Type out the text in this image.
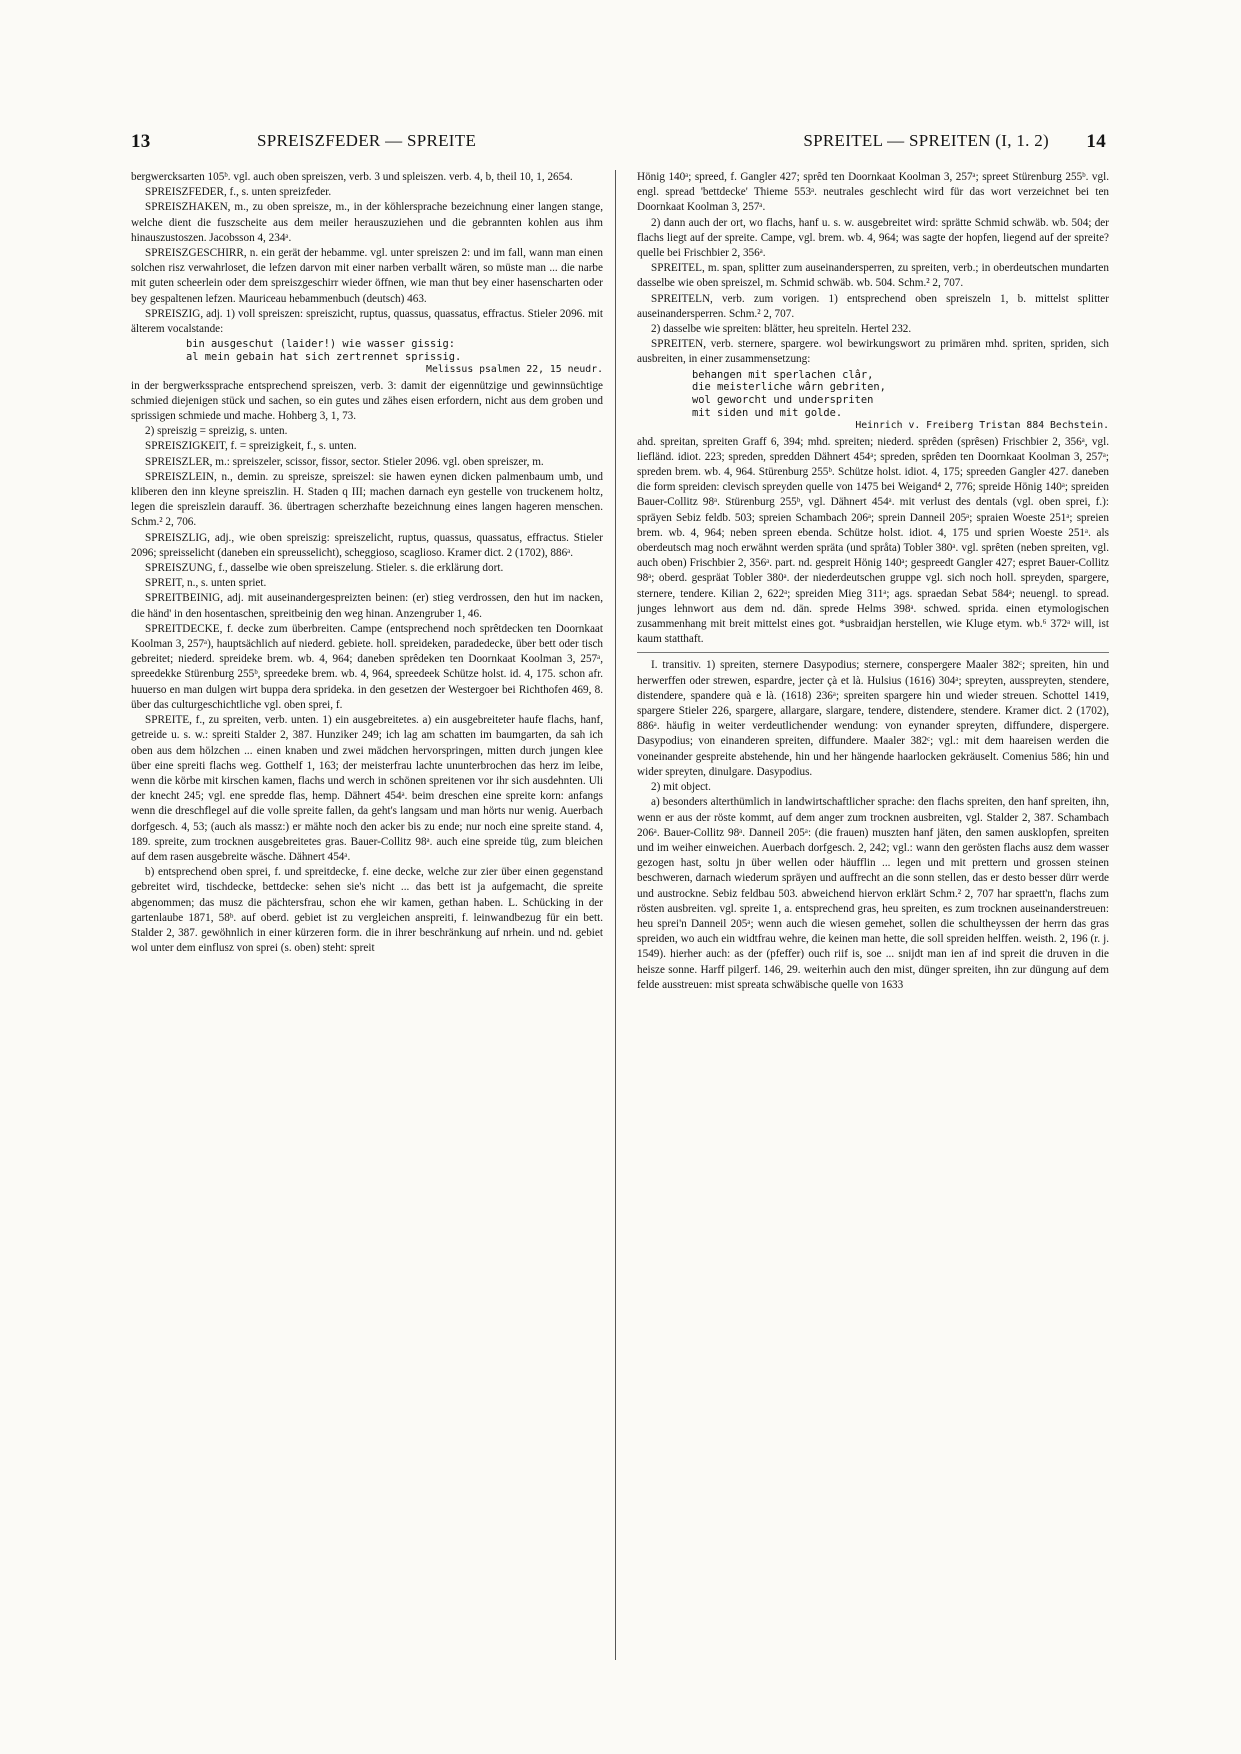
13	SPREISZFEDER — SPREITE	SPREITEL — SPREITEN (I, 1. 2) 14

bergwercksarten 105ᵇ. vgl. auch oben spreiszen, verb. 3 und spleiszen. verb. 4, b, theil 10, 1, 2654.

SPREISZFEDER, f., s. unten spreizfeder.

SPREISZHAKEN, m., zu oben spreisze, m., in der köhlersprache bezeichnung einer langen stange, welche dient die fuszscheite aus dem meiler herauszuziehen und die gebrannten kohlen aus ihm hinauszustoszen. Jacobsson 4, 234ᵃ.

SPREISZGESCHIRR, n. ein gerät der hebamme. vgl. unter spreiszen 2: und im fall, wann man einen solchen risz verwahrloset, die lefzen darvon mit einer narben verballt wären, so müste man ... die narbe mit guten scheerlein oder dem spreiszgeschirr wieder öffnen, wie man thut bey einer hasenscharten oder bey gespaltenen lefzen. Mauriceau hebammenbuch (deutsch) 463.

SPREISZIG, adj. 1) voll spreiszen: spreiszicht, ruptus, quassus, quassatus, effractus. Stieler 2096. mit älterem vocalstande:

bin ausgeschut (laider!) wie wasser gissig:
al mein gebain hat sich zertrennet sprissig.
Melissus psalmen 22, 15 neudr.

in der bergwerkssprache entsprechend spreiszen, verb. 3: damit der eigennützige und gewinnsüchtige schmied diejenigen stück und sachen, so ein gutes und zähes eisen erfordern, nicht aus dem groben und sprissigen schmiede und mache. Hohberg 3, 1, 73.

2) spreiszig = spreizig, s. unten.

SPREISZIGKEIT, f. = spreizigkeit, f., s. unten.

SPREISZLER, m.: spreiszeler, scissor, fissor, sector. Stieler 2096. vgl. oben spreiszer, m.

SPREISZLEIN, n., demin. zu spreisze, spreiszel: sie hawen eynen dicken palmenbaum umb, und kliberen den inn kleyne spreiszlin. H. Staden q III; machen darnach eyn gestelle von truckenem holtz, legen die spreiszlein darauff. 36. übertragen scherzhafte bezeichnung eines langen hageren menschen. Schm.² 2, 706.

SPREISZLIG, adj., wie oben spreiszig: spreiszelicht, ruptus, quassus, quassatus, effractus. Stieler 2096; spreisselicht (daneben ein spreusselicht), scheggioso, scaglioso. Kramer dict. 2 (1702), 886ᵃ.

SPREISZUNG, f., dasselbe wie oben spreiszelung. Stieler. s. die erklärung dort.

SPREIT, n., s. unten spriet.

SPREITBEINIG, adj. mit auseinandergespreizten beinen: (er) stieg verdrossen, den hut im nacken, die händ' in den hosentaschen, spreitbeinig den weg hinan. Anzengruber 1, 46.

SPREITDECKE, f. decke zum überbreiten. Campe (entsprechend noch sprêtdecken ten Doornkaat Koolman 3, 257ᵃ), hauptsächlich auf niederd. gebiete. holl. spreideken, paradedecke, über bett oder tisch gebreitet; niederd. spreideke brem. wb. 4, 964; daneben sprêdeken ten Doornkaat Koolman 3, 257ᵃ, spreedekke Stürenburg 255ᵇ, spreedeke brem. wb. 4, 964, spreedeek Schütze holst. id. 4, 175. schon afr. huuerso en man dulgen wirt buppa dera sprideka. in den gesetzen der Westergoer bei Richthofen 469, 8. über das culturgeschichtliche vgl. oben sprei, f.

SPREITE, f., zu spreiten, verb. unten. 1) ein ausgebreitetes. a) ein ausgebreiteter haufe flachs, hanf, getreide u. s. w.: spreiti Stalder 2, 387. Hunziker 249; ich lag am schatten im baumgarten, da sah ich oben aus dem hölzchen ... einen knaben und zwei mädchen hervorspringen, mitten durch jungen klee über eine spreiti flachs weg. Gotthelf 1, 163; der meisterfrau lachte ununterbrochen das herz im leibe, wenn die körbe mit kirschen kamen, flachs und werch in schönen spreitenen vor ihr sich ausdehnten. Uli der knecht 245; vgl. ene spredde flas, hemp. Dähnert 454ᵃ. beim dreschen eine spreite korn: anfangs wenn die dreschflegel auf die volle spreite fallen, da geht's langsam und man hörts nur wenig. Auerbach dorfgesch. 4, 53; (auch als massz:) er mähte noch den acker bis zu ende; nur noch eine spreite stand. 4, 189. spreite, zum trocknen ausgebreitetes gras. Bauer-Collitz 98ᵃ. auch eine spreide tüg, zum bleichen auf dem rasen ausgebreite wäsche. Dähnert 454ᵃ.

b) entsprechend oben sprei, f. und spreitdecke, f. eine decke, welche zur zier über einen gegenstand gebreitet wird, tischdecke, bettdecke: sehen sie's nicht ... das bett ist ja aufgemacht, die spreite abgenommen; das musz die pächtersfrau, schon ehe wir kamen, gethan haben. L. Schücking in der gartenlaube 1871, 58ᵇ. auf oberd. gebiet ist zu vergleichen anspreiti, f. leinwandbezug für ein bett. Stalder 2, 387. gewöhnlich in einer kürzeren form. die in ihrer beschränkung auf nrhein. und nd. gebiet wol unter dem einflusz von sprei (s. oben) steht: spreit

Hönig 140ᵃ; spreed, f. Gangler 427; sprêd ten Doornkaat Koolman 3, 257ᵃ; spreet Stürenburg 255ᵇ. vgl. engl. spread 'bettdecke' Thieme 553ᵃ. neutrales geschlecht wird für das wort verzeichnet bei ten Doornkaat Koolman 3, 257ᵃ.

2) dann auch der ort, wo flachs, hanf u. s. w. ausgebreitet wird: sprätte Schmid schwäb. wb. 504; der flachs liegt auf der spreite. Campe, vgl. brem. wb. 4, 964; was sagte der hopfen, liegend auf der spreite? quelle bei Frischbier 2, 356ᵃ.

SPREITEL, m. span, splitter zum auseinandersperren, zu spreiten, verb.; in oberdeutschen mundarten dasselbe wie oben spreiszel, m. Schmid schwäb. wb. 504. Schm.² 2, 707.

SPREITELN, verb. zum vorigen. 1) entsprechend oben spreiszeln 1, b. mittelst splitter auseinandersperren. Schm.² 2, 707.

2) dasselbe wie spreiten: blätter, heu spreiteln. Hertel 232.

SPREITEN, verb. sternere, spargere. wol bewirkungswort zu primären mhd. spriten, spriden, sich ausbreiten, in einer zusammensetzung:

behangen mit sperlachen clâr,
die meisterliche wârn gebriten,
wol geworcht und underspriten
mit siden und mit golde.
Heinrich v. Freiberg Tristan 884 Bechstein.

ahd. spreitan, spreiten Graff 6, 394; mhd. spreiten; niederd. sprêden (sprêsen) Frischbier 2, 356ᵃ, vgl. liefländ. idiot. 223; spreden, spredden Dähnert 454ᵃ; spreden, sprêden ten Doornkaat Koolman 3, 257ᵃ; spreden brem. wb. 4, 964. Stürenburg 255ᵇ. Schütze holst. idiot. 4, 175; spreeden Gangler 427. daneben die form spreiden: clevisch spreyden quelle von 1475 bei Weigand⁴ 2, 776; spreide Hönig 140ᵃ; spreiden Bauer-Collitz 98ᵃ. Stürenburg 255ᵇ, vgl. Dähnert 454ᵃ. mit verlust des dentals (vgl. oben sprei, f.): spräyen Sebiz feldb. 503; spreien Schambach 206ᵃ; sprein Danneil 205ᵃ; spraien Woeste 251ᵃ; spreien brem. wb. 4, 964; neben spreen ebenda. Schütze holst. idiot. 4, 175 und sprien Woeste 251ᵃ. als oberdeutsch mag noch erwähnt werden spräta (und språta) Tobler 380ᵃ. vgl. sprêten (neben spreiten, vgl. auch oben) Frischbier 2, 356ᵃ. part. nd. gespreit Hönig 140ᵃ; gespreedt Gangler 427; espret Bauer-Collitz 98ᵃ; oberd. gespräat Tobler 380ᵃ. der niederdeutschen gruppe vgl. sich noch holl. spreyden, spargere, sternere, tendere. Kilian 2, 622ᵃ; spreiden Mieg 311ᵃ; ags. spraedan Sebat 584ᵃ; neuengl. to spread. junges lehnwort aus dem nd. dän. sprede Helms 398ᵃ. schwed. sprida. einen etymologischen zusammenhang mit breit mittelst eines got. *usbraidjan herstellen, wie Kluge etym. wb.⁶ 372ᵃ will, ist kaum statthaft.

I. transitiv. 1) spreiten, sternere Dasypodius; sternere, conspergere Maaler 382ᶜ; spreiten, hin und herwerffen oder strewen, espardre, jecter çà et là. Hulsius (1616) 304ᵃ; spreyten, ausspreyten, stendere, distendere, spandere quà e là. (1618) 236ᵃ; spreiten spargere hin und wieder streuen. Schottel 1419, spargere Stieler 226, spargere, allargare, slargare, tendere, distendere, stendere. Kramer dict. 2 (1702), 886ᵃ. häufig in weiter verdeutlichender wendung: von eynander spreyten, diffundere, dispergere. Dasypodius; von einanderen spreiten, diffundere. Maaler 382ᶜ; vgl.: mit dem haareisen werden die voneinander gespreite abstehende, hin und her hängende haarlocken gekräuselt. Comenius 586; hin und wider spreyten, dinulgare. Dasypodius.

2) mit object.

a) besonders alterthümlich in landwirtschaftlicher sprache: den flachs spreiten, den hanf spreiten, ihn, wenn er aus der röste kommt, auf dem anger zum trocknen ausbreiten, vgl. Stalder 2, 387. Schambach 206ᵃ. Bauer-Collitz 98ᵃ. Danneil 205ᵃ: (die frauen) muszten hanf jäten, den samen ausklopfen, spreiten und im weiher einweichen. Auerbach dorfgesch. 2, 242; vgl.: wann den gerösten flachs ausz dem wasser gezogen hast, soltu jn über wellen oder häufflin ... legen und mit prettern und grossen steinen beschweren, darnach wiederum spräyen und auffrecht an die sonn stellen, das er desto besser dürr werde und austrockne. Sebiz feldbau 503. abweichend hiervon erklärt Schm.² 2, 707 har spraett'n, flachs zum rösten ausbreiten. vgl. spreite 1, a. entsprechend gras, heu spreiten, es zum trocknen auseinanderstreuen: heu sprei'n Danneil 205ᵃ; wenn auch die wiesen gemehet, sollen die schultheyssen der herrn das gras spreiden, wo auch ein widtfrau wehre, die keinen man hette, die soll spreiden helffen. weisth. 2, 196 (r. j. 1549). hierher auch: as der (pfeffer) ouch riif is, soe ... snijdt man ien af ind spreit die druven in die heisze sonne. Harff pilgerf. 146, 29. weiterhin auch den mist, dünger spreiten, ihn zur düngung auf dem felde ausstreuen: mist spreata schwäbische quelle von 1633
